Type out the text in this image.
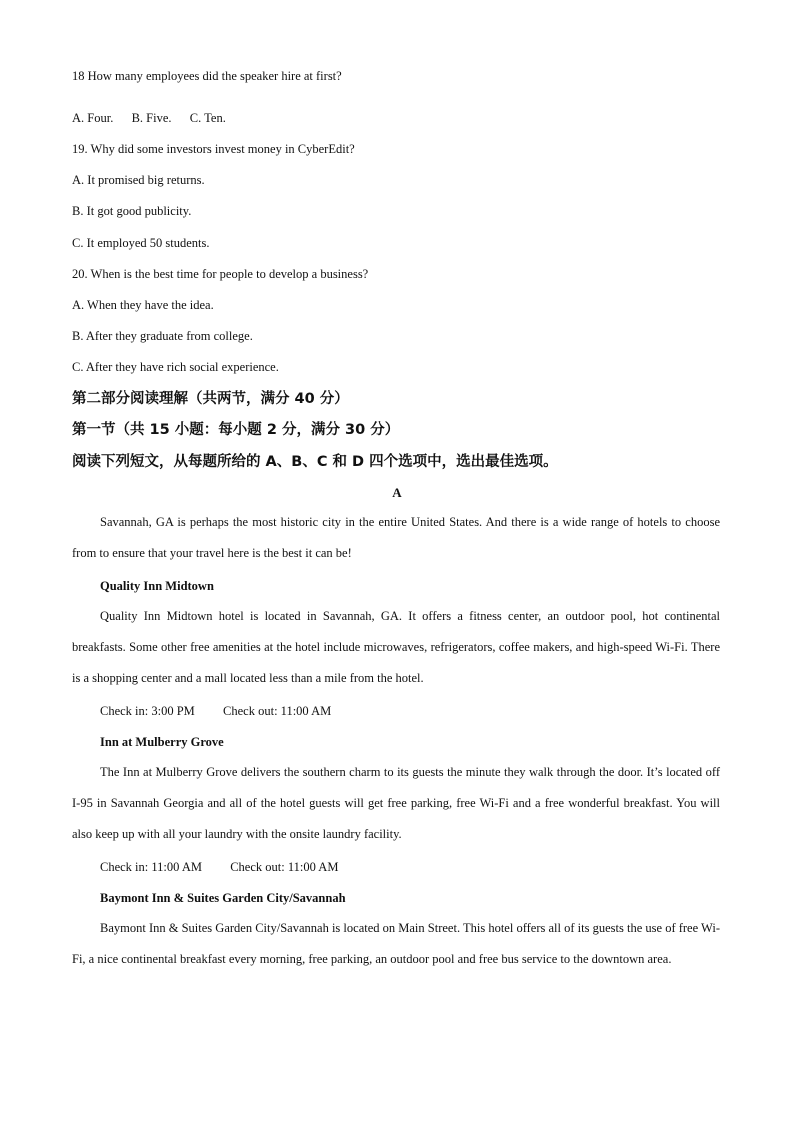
18 How many employees did the speaker hire at first?
A. Four. B. Five. C. Ten.
19. Why did some investors invest money in CyberEdit?
A. It promised big returns.
B. It got good publicity.
C. It employed 50 students.
20. When is the best time for people to develop a business?
A. When they have the idea.
B. After they graduate from college.
C. After they have rich social experience.
第二部分阅读理解（共两节，满分 40 分）
第一节（共 15 小题：每小题 2 分，满分 30 分）
阅读下列短文，从每题所给的 A、B、C 和 D 四个选项中，选出最佳选项。
A
Savannah, GA is perhaps the most historic city in the entire United States. And there is a wide range of hotels to choose from to ensure that your travel here is the best it can be!
Quality Inn Midtown
Quality Inn Midtown hotel is located in Savannah, GA. It offers a fitness center, an outdoor pool, hot continental breakfasts. Some other free amenities at the hotel include microwaves, refrigerators, coffee makers, and high-speed Wi-Fi. There is a shopping center and a mall located less than a mile from the hotel.
Check in: 3:00 PM Check out: 11:00 AM
Inn at Mulberry Grove
The Inn at Mulberry Grove delivers the southern charm to its guests the minute they walk through the door. It’s located off I-95 in Savannah Georgia and all of the hotel guests will get free parking, free Wi-Fi and a free wonderful breakfast. You will also keep up with all your laundry with the onsite laundry facility.
Check in: 11:00 AM Check out: 11:00 AM
Baymont Inn & Suites Garden City/Savannah
Baymont Inn & Suites Garden City/Savannah is located on Main Street. This hotel offers all of its guests the use of free Wi-Fi, a nice continental breakfast every morning, free parking, an outdoor pool and free bus service to the downtown area.
